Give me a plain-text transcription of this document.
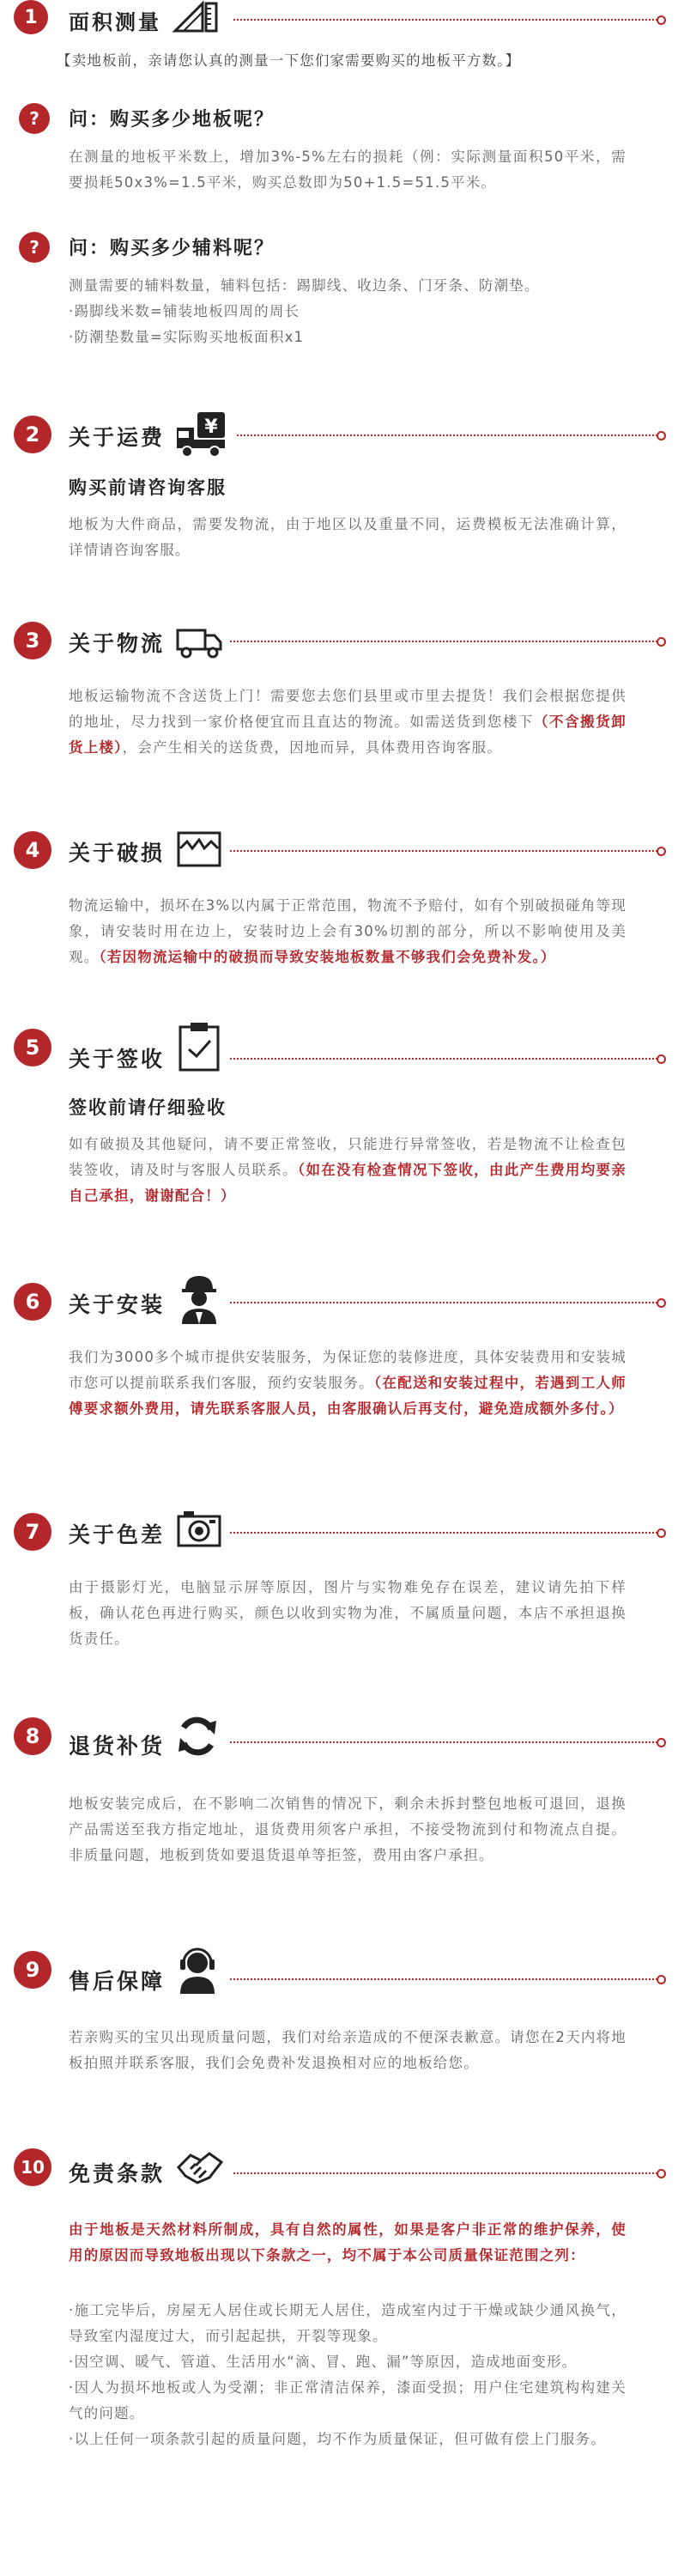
1	面积测量
【卖地板前，亲请您认真的测量一下您们家需要购买的地板平方数。】
?	问：购买多少地板呢？
在测量的地板平米数上，增加3%-5%左右的损耗（例：实际测量面积50平米，需要损耗50x3%=1.5平米，购买总数即为50+1.5=51.5平米。
?	问：购买多少辅料呢？
测量需要的辅料数量，辅料包括：踢脚线、收边条、门牙条、防潮垫。
·踢脚线米数=铺装地板四周的周长
·防潮垫数量=实际购买地板面积x1
2	关于运费 ¥
购买前请咨询客服
地板为大件商品，需要发物流，由于地区以及重量不同，运费模板无法准确计算，详情请咨询客服。
3	关于物流
地板运输物流不含送货上门！需要您去您们县里或市里去提货！我们会根据您提供的地址，尽力找到一家价格便宜而且直达的物流。如需送货到您楼下（不含搬货卸货上楼），会产生相关的送货费，因地而异，具体费用咨询客服。
4	关于破损
物流运输中，损坏在3%以内属于正常范围，物流不予赔付，如有个别破损碰角等现象，请安装时用在边上，安装时边上会有30%切割的部分，所以不影响使用及美观。（若因物流运输中的破损而导致安装地板数量不够我们会免费补发。）
5	关于签收
签收前请仔细验收
如有破损及其他疑问，请不要正常签收，只能进行异常签收，若是物流不让检查包装签收，请及时与客服人员联系。（如在没有检查情况下签收，由此产生费用均要亲自己承担，谢谢配合！）
6	关于安装
我们为3000多个城市提供安装服务，为保证您的装修进度，具体安装费用和安装城市您可以提前联系我们客服，预约安装服务。（在配送和安装过程中，若遇到工人师傅要求额外费用，请先联系客服人员，由客服确认后再支付，避免造成额外多付。）
7	关于色差
由于摄影灯光，电脑显示屏等原因，图片与实物难免存在误差，建议请先拍下样板，确认花色再进行购买，颜色以收到实物为准，不属质量问题，本店不承担退换货责任。
8	退货补货
地板安装完成后，在不影响二次销售的情况下，剩余未拆封整包地板可退回，退换产品需送至我方指定地址，退货费用须客户承担，不接受物流到付和物流点自提。非质量问题，地板到货如要退货退单等拒签，费用由客户承担。
9	售后保障
若亲购买的宝贝出现质量问题，我们对给亲造成的不便深表歉意。请您在2天内将地板拍照并联系客服，我们会免费补发退换相对应的地板给您。
10	免责条款
由于地板是天然材料所制成，具有自然的属性，如果是客户非正常的维护保养，使用的原因而导致地板出现以下条款之一，均不属于本公司质量保证范围之列：
·施工完毕后，房屋无人居住或长期无人居住，造成室内过于干燥或缺少通风换气，导致室内湿度过大，而引起起拱，开裂等现象。
·因空调、暖气、管道、生活用水“滴、冒、跑、漏”等原因，造成地面变形。
·因人为损坏地板或人为受潮；非正常清洁保养，漆面受损；用户住宅建筑构构建关气的问题。
·以上任何一项条款引起的质量问题，均不作为质量保证，但可做有偿上门服务。
